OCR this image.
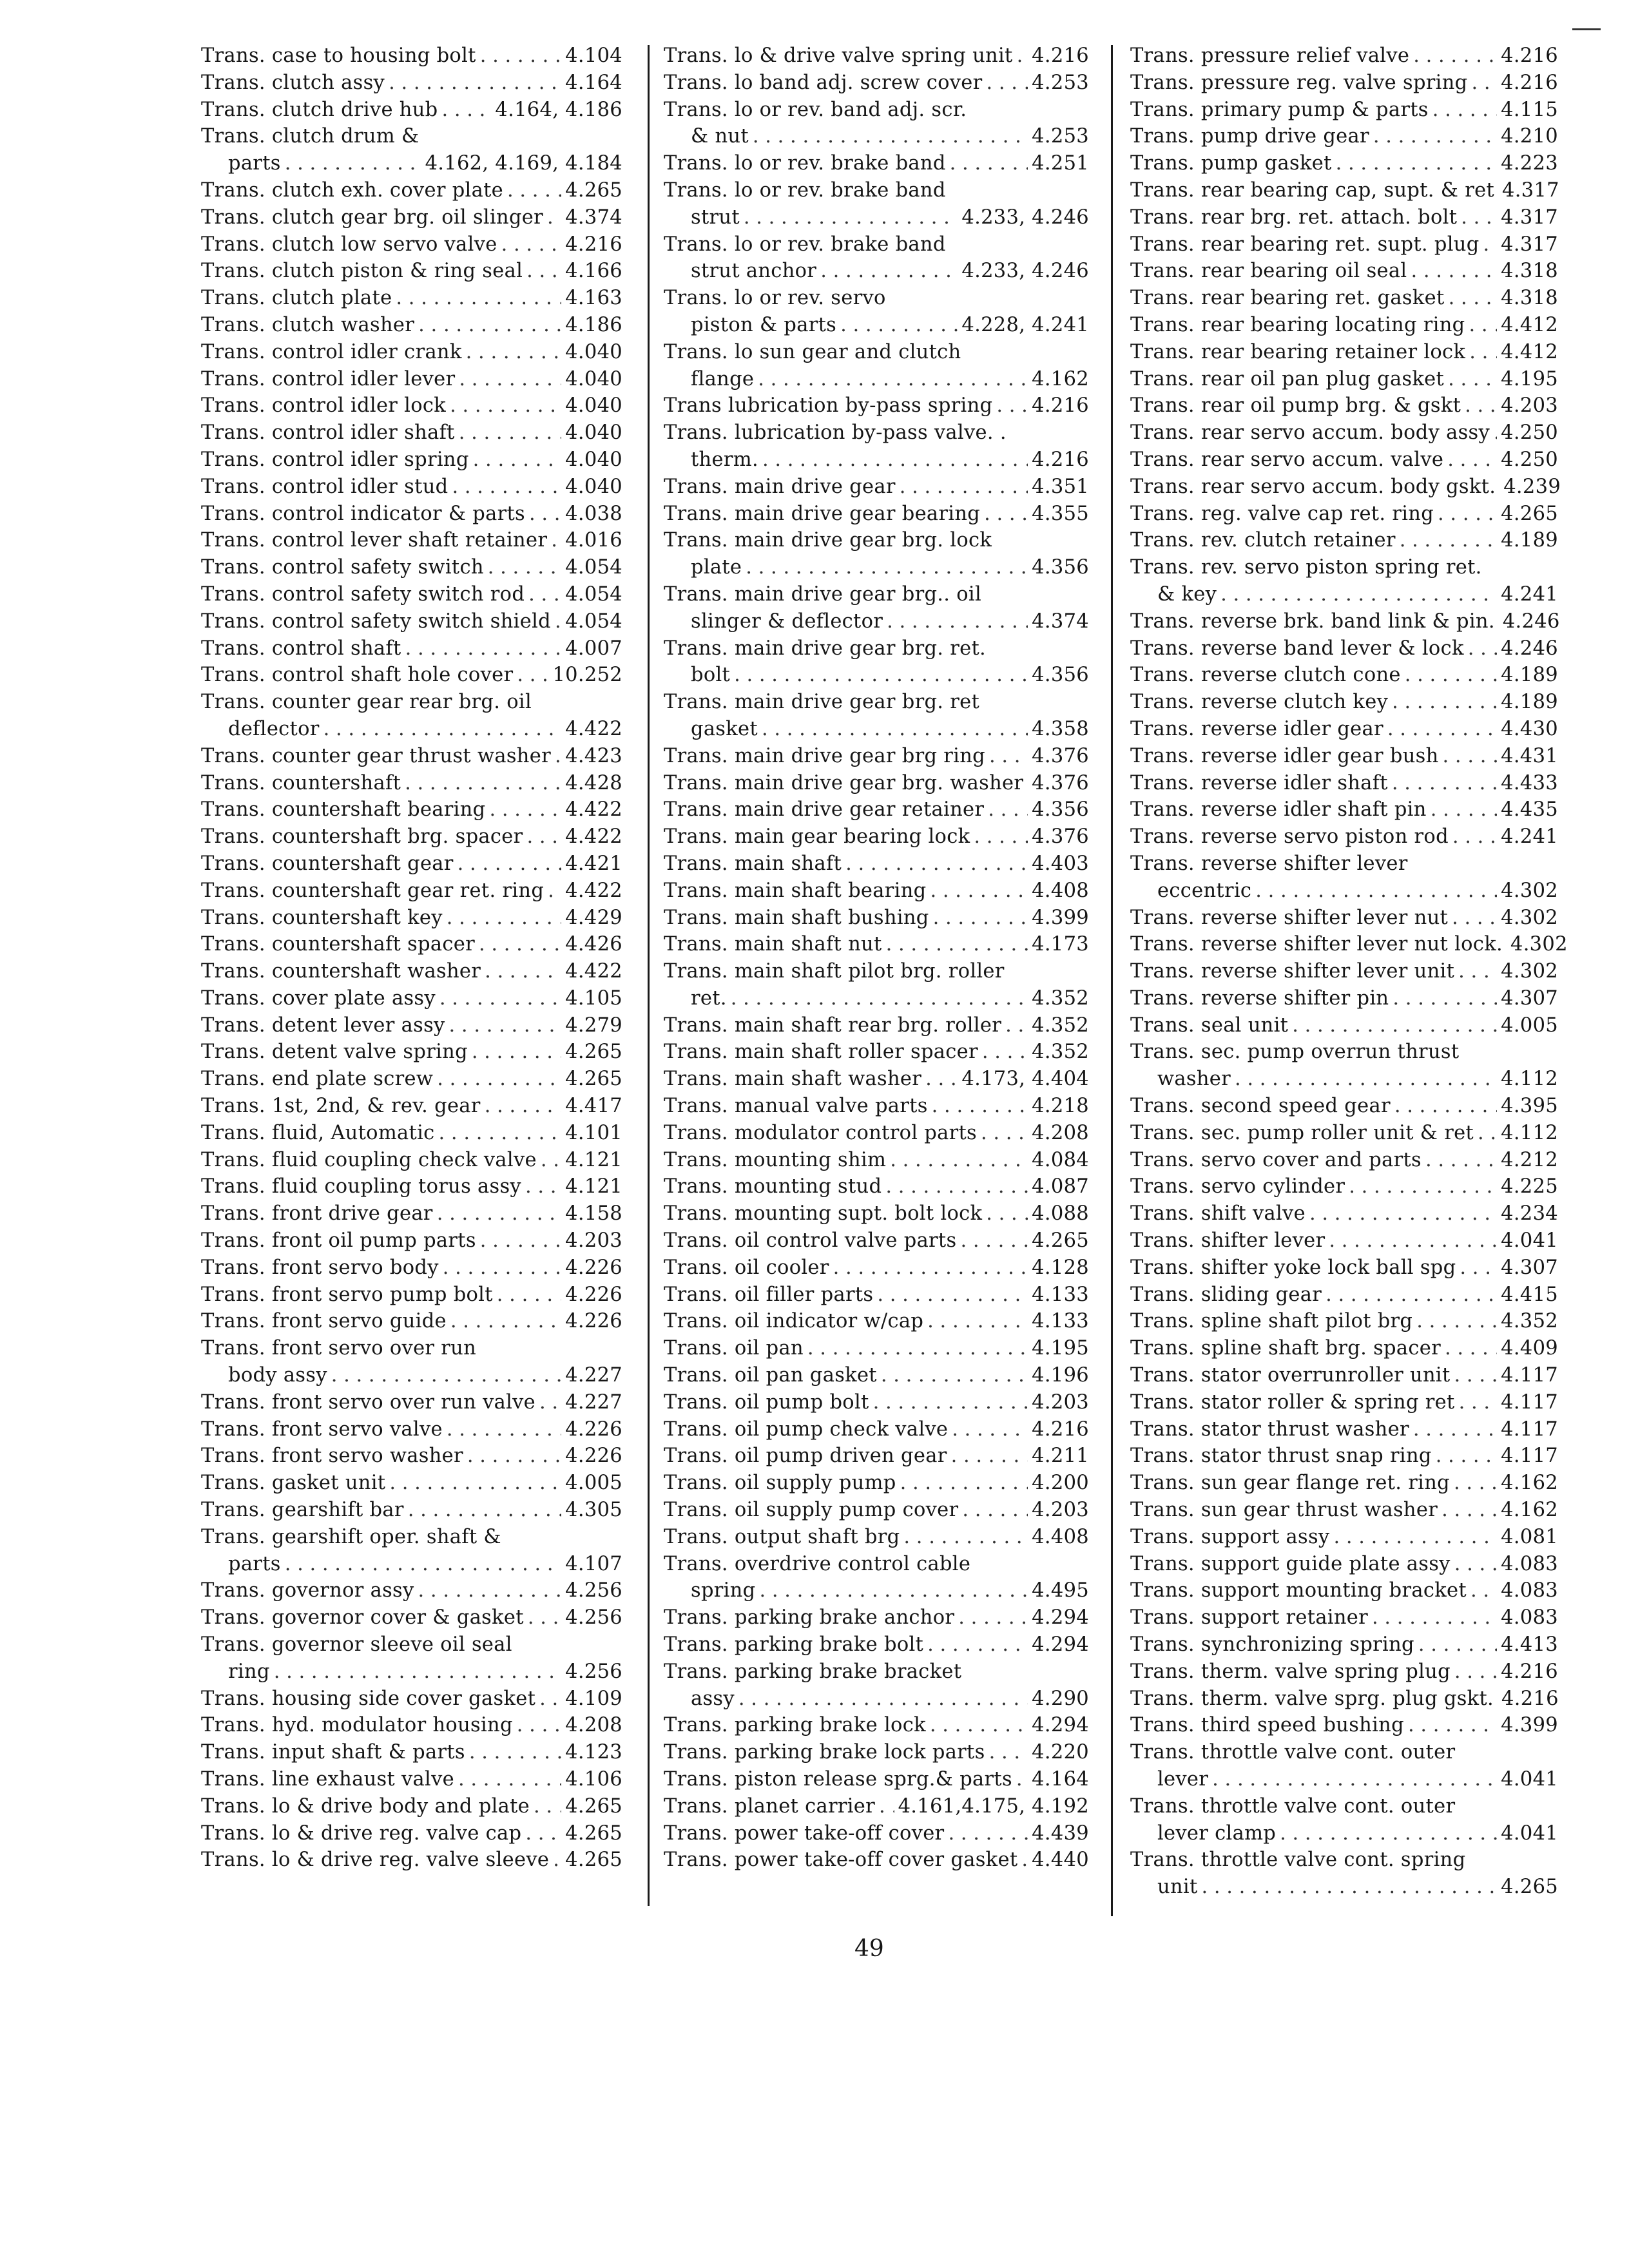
Trans. case to housing bolt . . .	4.104
Trans. clutch assy . . .	4.164
Trans. clutch drive hub . . .	4.164, 4.186
Trans. clutch drum &
parts . . .	4.162, 4.169, 4.184
Trans. clutch exh. cover plate . . .	4.265
Trans. clutch gear brg. oil slinger . . . 4.374
Trans. clutch low servo valve . . .	4.216
Trans. clutch piston & ring seal . . . 4.166
Trans. clutch plate . . .	4.163
Trans. clutch washer . . .	4.186
Trans. control idler crank . . .	4.040
Trans. control idler lever . . .	4.040
Trans. control idler lock . . .	4.040
Trans. control idler shaft . . .	4.040
Trans. control idler spring . . .	4.040
Trans. control idler stud . . .	4.040
Trans. control indicator & parts . . . 4.038
Trans. control lever shaft retainer . . . 4.016
Trans. control safety switch . . .	4.054
Trans. control safety switch rod . . . 4.054
Trans. control safety switch shield . . . 4.054
Trans. control shaft . . .	4.007
Trans. control shaft hole cover . . . 10.252
Trans. counter gear rear brg. oil
deflector . . .	4.422
Trans. counter gear thrust washer . . . 4.423
Trans. countershaft . . .	4.428
Trans. countershaft bearing . . .	4.422
Trans. countershaft brg. spacer . . . 4.422
Trans. countershaft gear . . .	4.421
Trans. countershaft gear ret. ring . . . 4.422
Trans. countershaft key . . .	4.429
Trans. countershaft spacer . . .	4.426
Trans. countershaft washer . . .	4.422
Trans. cover plate assy . . .	4.105
Trans. detent lever assy . . .	4.279
Trans. detent valve spring . . .	4.265
Trans. end plate screw . . .	4.265
Trans. 1st, 2nd, & rev. gear . . .	4.417
Trans. fluid, Automatic . . .	4.101
Trans. fluid coupling check valve . . . 4.121
Trans. fluid coupling torus assy . . . 4.121
Trans. front drive gear . . .	4.158
Trans. front oil pump parts . . .	4.203
Trans. front servo body . . .	4.226
Trans. front servo pump bolt . . .	4.226
Trans. front servo guide . . .	4.226
Trans. front servo over run
body assy . . .	4.227
Trans. front servo over run valve . . . 4.227
Trans. front servo valve . . .	4.226
Trans. front servo washer . . .	4.226
Trans. gasket unit . . .	4.005
Trans. gearshift bar . . .	4.305
Trans. gearshift oper. shaft &
parts . . .	4.107
Trans. governor assy . . .	4.256
Trans. governor cover & gasket . . . 4.256
Trans. governor sleeve oil seal
ring . . .	4.256
Trans. housing side cover gasket . . . 4.109
Trans. hyd. modulator housing . . .	4.208
Trans. input shaft & parts . . .	4.123
Trans. line exhaust valve . . .	4.106
Trans. lo & drive body and plate . . . 4.265
Trans. lo & drive reg. valve cap . . . 4.265
Trans. lo & drive reg. valve sleeve . . . 4.265
Trans. lo & drive valve spring unit . . . 4.216
Trans. lo band adj. screw cover . . .	4.253
Trans. lo or rev. band adj. scr.
& nut . . .	4.253
Trans. lo or rev. brake band . . .	4.251
Trans. lo or rev. brake band
strut . . .	4.233, 4.246
Trans. lo or rev. brake band
strut anchor . . .	4.233, 4.246
Trans. lo or rev. servo
piston & parts . . .	4.228, 4.241
Trans. lo sun gear and clutch
flange . . .	4.162
Trans lubrication by-pass spring . . . 4.216
Trans. lubrication by-pass valve. .
therm. . . .	4.216
Trans. main drive gear . . .	4.351
Trans. main drive gear bearing . . .	4.355
Trans. main drive gear brg. lock
plate . . .	4.356
Trans. main drive gear brg.. oil
slinger & deflector . . .	4.374
Trans. main drive gear brg. ret.
bolt . . .	4.356
Trans. main drive gear brg. ret
gasket . . .	4.358
Trans. main drive gear brg ring . . . 4.376
Trans. main drive gear brg. washer . . . 4.376
Trans. main drive gear retainer . . . 4.356
Trans. main gear bearing lock . . .	4.376
Trans. main shaft . . .	4.403
Trans. main shaft bearing . . .	4.408
Trans. main shaft bushing . . .	4.399
Trans. main shaft nut . . .	4.173
Trans. main shaft pilot brg. roller
ret. . . .	4.352
Trans. main shaft rear brg. roller . . . 4.352
Trans. main shaft roller spacer . . .	4.352
Trans. main shaft washer . . . 4.173, 4.404
Trans. manual valve parts . . .	4.218
Trans. modulator control parts . . .	4.208
Trans. mounting shim . . .	4.084
Trans. mounting stud . . .	4.087
Trans. mounting supt. bolt lock . . .	4.088
Trans. oil control valve parts . . .	4.265
Trans. oil cooler . . .	4.128
Trans. oil filler parts . . .	4.133
Trans. oil indicator w/cap . . .	4.133
Trans. oil pan . . .	4.195
Trans. oil pan gasket . . .	4.196
Trans. oil pump bolt . . .	4.203
Trans. oil pump check valve . . .	4.216
Trans. oil pump driven gear . . .	4.211
Trans. oil supply pump . . .	4.200
Trans. oil supply pump cover . . .	4.203
Trans. output shaft brg . . .	4.408
Trans. overdrive control cable
spring . . .	4.495
Trans. parking brake anchor . . .	4.294
Trans. parking brake bolt . . .	4.294
Trans. parking brake bracket
assy . . .	4.290
Trans. parking brake lock . . .	4.294
Trans. parking brake lock parts . . . 4.220
Trans. piston release sprg.& parts . . . 4.164
Trans. planet carrier . . . 4.161,4.175, 4.192
Trans. power take-off cover . . .	4.439
Trans. power take-off cover gasket . . . 4.440
Trans. pressure relief valve . . .	4.216
Trans. pressure reg. valve spring . . . 4.216
Trans. primary pump & parts . . .	4.115
Trans. pump drive gear . . .	4.210
Trans. pump gasket . . .	4.223
Trans. rear bearing cap, supt. & ret 4.317
Trans. rear brg. ret. attach. bolt . . . 4.317
Trans. rear bearing ret. supt. plug . . . 4.317
Trans. rear bearing oil seal . . .	4.318
Trans. rear bearing ret. gasket . . .	4.318
Trans. rear bearing locating ring . . . 4.412
Trans. rear bearing retainer lock . . . 4.412
Trans. rear oil pan plug gasket . . .	4.195
Trans. rear oil pump brg. & gskt . . . 4.203
Trans. rear servo accum. body assy . . . 4.250
Trans. rear servo accum. valve . . .	4.250
Trans. rear servo accum. body gskt. 4.239
Trans. reg. valve cap ret. ring . . .	4.265
Trans. rev. clutch retainer . . .	4.189
Trans. rev. servo piston spring ret.
& key . . .	4.241
Trans. reverse brk. band link & pin. 4.246
Trans. reverse band lever & lock . . . 4.246
Trans. reverse clutch cone . . .	4.189
Trans. reverse clutch key . . .	4.189
Trans. reverse idler gear . . .	4.430
Trans. reverse idler gear bush . . .	4.431
Trans. reverse idler shaft . . .	4.433
Trans. reverse idler shaft pin . . .	4.435
Trans. reverse servo piston rod . . .	4.241
Trans. reverse shifter lever
eccentric . . .	4.302
Trans. reverse shifter lever nut . . .	4.302
Trans. reverse shifter lever nut lock. 4.302
Trans. reverse shifter lever unit . . . 4.302
Trans. reverse shifter pin . . .	4.307
Trans. seal unit . . .	4.005
Trans. sec. pump overrun thrust
washer . . .	4.112
Trans. second speed gear . . .	4.395
Trans. sec. pump roller unit & ret . . . 4.112
Trans. servo cover and parts . . .	4.212
Trans. servo cylinder . . .	4.225
Trans. shift valve . . .	4.234
Trans. shifter lever . . .	4.041
Trans. shifter yoke lock ball spg . . . 4.307
Trans. sliding gear . . .	4.415
Trans. spline shaft pilot brg . . .	4.352
Trans. spline shaft brg. spacer . . .	4.409
Trans. stator overrunroller unit . . .	4.117
Trans. stator roller & spring ret . . . 4.117
Trans. stator thrust washer . . .	4.117
Trans. stator thrust snap ring . . .	4.117
Trans. sun gear flange ret. ring . . .	4.162
Trans. sun gear thrust washer . . .	4.162
Trans. support assy . . .	4.081
Trans. support guide plate assy . . .	4.083
Trans. support mounting bracket . . . 4.083
Trans. support retainer . . .	4.083
Trans. synchronizing spring . . .	4.413
Trans. therm. valve spring plug . . .	4.216
Trans. therm. valve sprg. plug gskt. 4.216
Trans. third speed bushing . . .	4.399
Trans. throttle valve cont. outer
lever . . .	4.041
Trans. throttle valve cont. outer
lever clamp . . .	4.041
Trans. throttle valve cont. spring
unit . . .	4.265
49
